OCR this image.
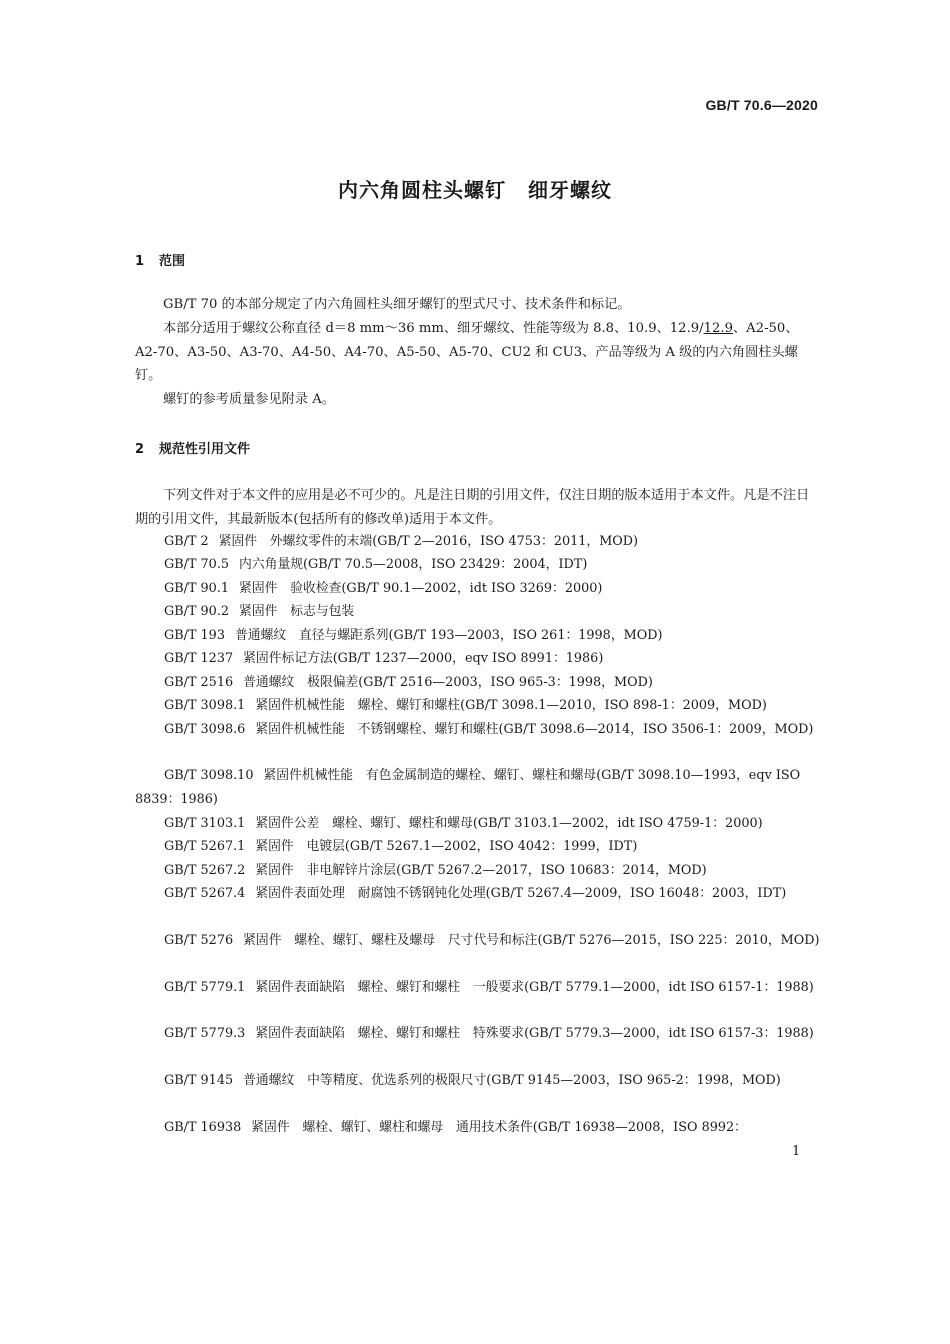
GB/T 70.6—2020
内六角圆柱头螺钉 细牙螺纹
1 范围
GB/T 70 的本部分规定了内六角圆柱头细牙螺钉的型式尺寸、技术条件和标记。
本部分适用于螺纹公称直径 d＝8 mm～36 mm、细牙螺纹、性能等级为 8.8、10.9、12.9/12.9、A2-50、A2-70、A3-50、A3-70、A4-50、A4-70、A5-50、A5-70、CU2 和 CU3、产品等级为 A 级的内六角圆柱头螺钉。
螺钉的参考质量参见附录 A。
2 规范性引用文件
下列文件对于本文件的应用是必不可少的。凡是注日期的引用文件，仅注日期的版本适用于本文件。凡是不注日期的引用文件，其最新版本(包括所有的修改单)适用于本文件。
GB/T 2 紧固件　外螺纹零件的末端(GB/T 2—2016，ISO 4753：2011，MOD)
GB/T 70.5 内六角量规(GB/T 70.5—2008，ISO 23429：2004，IDT)
GB/T 90.1 紧固件　验收检查(GB/T 90.1—2002，idt ISO 3269：2000)
GB/T 90.2 紧固件　标志与包装
GB/T 193 普通螺纹　直径与螺距系列(GB/T 193—2003，ISO 261：1998，MOD)
GB/T 1237 紧固件标记方法(GB/T 1237—2000，eqv ISO 8991：1986)
GB/T 2516 普通螺纹　极限偏差(GB/T 2516—2003，ISO 965-3：1998，MOD)
GB/T 3098.1 紧固件机械性能　螺栓、螺钉和螺柱(GB/T 3098.1—2010，ISO 898-1：2009，MOD)
GB/T 3098.6 紧固件机械性能　不锈钢螺栓、螺钉和螺柱(GB/T 3098.6—2014，ISO 3506-1：2009，MOD)
GB/T 3098.10 紧固件机械性能　有色金属制造的螺栓、螺钉、螺柱和螺母(GB/T 3098.10—1993，eqv ISO 8839：1986)
GB/T 3103.1 紧固件公差　螺栓、螺钉、螺柱和螺母(GB/T 3103.1—2002，idt ISO 4759-1：2000)
GB/T 5267.1 紧固件　电镀层(GB/T 5267.1—2002，ISO 4042：1999，IDT)
GB/T 5267.2 紧固件　非电解锌片涂层(GB/T 5267.2—2017，ISO 10683：2014，MOD)
GB/T 5267.4 紧固件表面处理　耐腐蚀不锈钢钝化处理(GB/T 5267.4—2009，ISO 16048：2003，IDT)
GB/T 5276 紧固件　螺栓、螺钉、螺柱及螺母　尺寸代号和标注(GB/T 5276—2015，ISO 225：2010，MOD)
GB/T 5779.1 紧固件表面缺陷　螺栓、螺钉和螺柱　一般要求(GB/T 5779.1—2000，idt ISO 6157-1：1988)
GB/T 5779.3 紧固件表面缺陷　螺栓、螺钉和螺柱　特殊要求(GB/T 5779.3—2000，idt ISO 6157-3：1988)
GB/T 9145 普通螺纹　中等精度、优选系列的极限尺寸(GB/T 9145—2003，ISO 965-2：1998，MOD)
GB/T 16938 紧固件　螺栓、螺钉、螺柱和螺母　通用技术条件(GB/T 16938—2008，ISO 8992：
1
